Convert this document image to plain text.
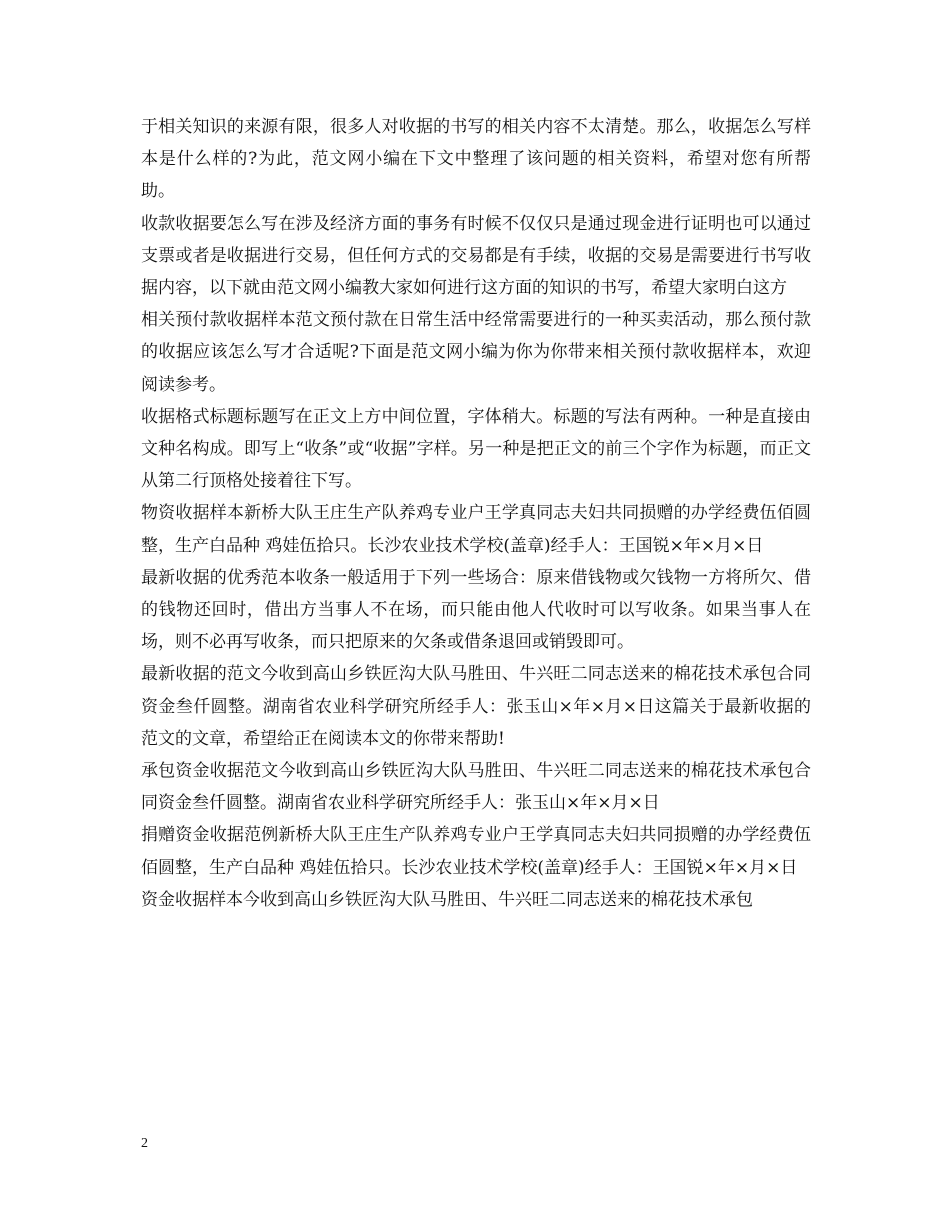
于相关知识的来源有限，很多人对收据的书写的相关内容不太清楚。那么，收据怎么写样本是什么样的?为此，范文网小编在下文中整理了该问题的相关资料，希望对您有所帮助。

收款收据要怎么写在涉及经济方面的事务有时候不仅仅只是通过现金进行证明也可以通过支票或者是收据进行交易，但任何方式的交易都是有手续，收据的交易是需要进行书写收据内容，以下就由范文网小编教大家如何进行这方面的知识的书写，希望大家明白这方

相关预付款收据样本范文预付款在日常生活中经常需要进行的一种买卖活动，那么预付款的收据应该怎么写才合适呢?下面是范文网小编为你为你带来相关预付款收据样本，欢迎阅读参考。

收据格式标题标题写在正文上方中间位置，字体稍大。标题的写法有两种。一种是直接由文种名构成。即写上“收条”或“收据”字样。另一种是把正文的前三个字作为标题，而正文从第二行顶格处接着往下写。

物资收据样本新桥大队王庄生产队养鸡专业户王学真同志夫妇共同损赠的办学经费伍佰圆整，生产白品种 鸡娃伍拾只。长沙农业技术学校(盖章)经手人：王国锐×年×月×日

最新收据的优秀范本收条一般适用于下列一些场合：原来借钱物或欠钱物一方将所欠、借的钱物还回时，借出方当事人不在场，而只能由他人代收时可以写收条。如果当事人在场，则不必再写收条，而只把原来的欠条或借条退回或销毁即可。

最新收据的范文今收到高山乡铁匠沟大队马胜田、牛兴旺二同志送来的棉花技术承包合同资金叁仟圆整。湖南省农业科学研究所经手人：张玉山×年×月×日这篇关于最新收据的范文的文章，希望给正在阅读本文的你带来帮助!

承包资金收据范文今收到高山乡铁匠沟大队马胜田、牛兴旺二同志送来的棉花技术承包合同资金叁仟圆整。湖南省农业科学研究所经手人：张玉山×年×月×日

捐赠资金收据范例新桥大队王庄生产队养鸡专业户王学真同志夫妇共同损赠的办学经费伍佰圆整，生产白品种 鸡娃伍拾只。长沙农业技术学校(盖章)经手人：王国锐×年×月×日

资金收据样本今收到高山乡铁匠沟大队马胜田、牛兴旺二同志送来的棉花技术承包

2
